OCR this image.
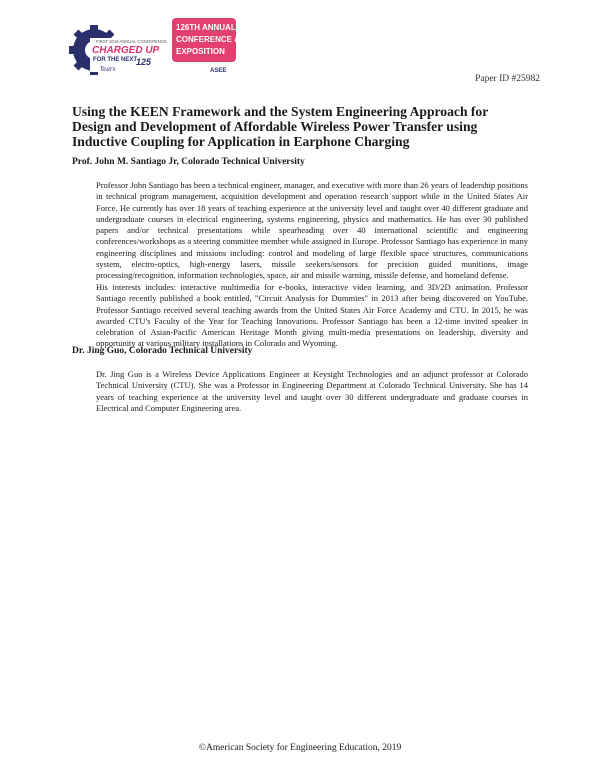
FIRST 2019 ANNUAL CONFERENCE
CHARGED UP
FOR THE NEXT
125
Years
126TH ANNUAL
CONFERENCE &
EXPOSITION
ASEE
Paper ID #25982
Using the KEEN Framework and the System Engineering Approach for Design and Development of Affordable Wireless Power Transfer using Inductive Coupling for Application in Earphone Charging

Prof. John M. Santiago Jr, Colorado Technical University

Professor John Santiago has been a technical engineer, manager, and executive with more than 26 years of leadership positions in technical program management, acquisition development and operation research support while in the United States Air Force. He currently has over 18 years of teaching experience at the university level and taught over 40 different graduate and undergraduate courses in electrical engineering, systems engineering, physics and mathematics. He has over 30 published papers and/or technical presentations while spearheading over 40 international scientific and engineering conferences/workshops as a steering committee member while assigned in Europe. Professor Santiago has experience in many engineering disciplines and missions including: control and modeling of large flexible space structures, communications system, electro-optics, high-energy lasers, missile seekers/sensors for precision guided munitions, image processing/recognition, information technologies, space, air and missile warning, missile defense, and homeland defense.

His interests includes: interactive multimedia for e-books, interactive video learning, and 3D/2D animation. Professor Santiago recently published a book entitled, "Circuit Analysis for Dummies" in 2013 after being discovered on YouTube. Professor Santiago received several teaching awards from the United States Air Force Academy and CTU. In 2015, he was awarded CTU's Faculty of the Year for Teaching Innovations. Professor Santiago has been a 12-time invited speaker in celebration of Asian-Pacific American Heritage Month giving multi-media presentations on leadership, diversity and opportunity at various military installations in Colorado and Wyoming.

Dr. Jing Guo, Colorado Technical University

Dr. Jing Guo is a Wireless Device Applications Engineer at Keysight Technologies and an adjunct professor at Colorado Technical University (CTU). She was a Professor in Engineering Department at Colorado Technical University. She has 14 years of teaching experience at the university level and taught over 30 different undergraduate and graduate courses in Electrical and Computer Engineering area.

©American Society for Engineering Education, 2019
